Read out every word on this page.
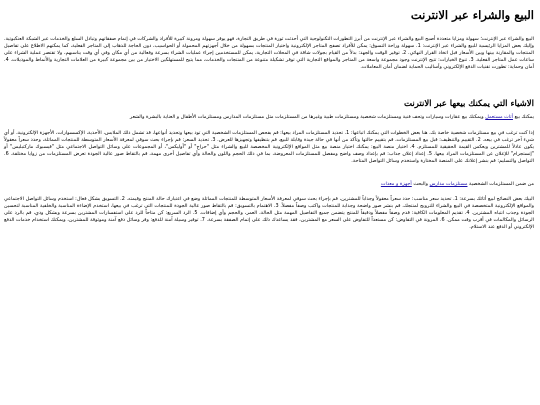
البيع والشراء عبر الانترنت

البيع والشراء عبر الإنترنت؛ سهولة ومزايا متعددة أصبح البيع والشراء عبر الإنترنت من أبرز التطورات التكنولوجية التي أحدثت ثورة في طريق التجارة، فهو يوفر سهولة ومرونة كبيرة للأفراد والشركات في إتمام صفقاتهم وتبادل السلع والخدمات عبر الشبكة العنكبوتية. وإليك بعض المزايا الرئيسية للبيع والشراء عبر الإنترنت: 1. سهولة وراحة التسوق: يمكن للأفراد تصفح المتاجر الإلكترونية واختيار المنتجات بسهولة من خلال أجهزتهم المحمولة أو الحواسيب، دون الحاجة للذهاب إلى المتاجر الفعلية، كما يمكنهم الاطلاع على تفاصيل المنتجات والمقارنة بينها وبين الأسعار قبل اتخاذ القرار النهائي. 2. توفير الوقت والجهد: بدلاً من القيام بجولات شاقة في المحلات التجارية، يمكن للمستخدمين إجراء عمليات الشراء بسرعة وفعالية من أي مكان وفي أي وقت يناسبهم، ولا تقتصر عملية الشراء على ساعات عمل المتاجر الفعلية. 3. تنوع الخيارات: تتيح الإنترنت وجود مجموعة واسعة من المتاجر والمواقع التجارية التي توفر تشكيلة متنوعة من المنتجات والخدمات، مما يتيح للمستهلكين الاختيار من بين مجموعة كبيرة من العلامات التجارية والأنماط والموديلات. 4. أمان وحماية: تطورت تقنيات الدفع الإلكتروني وأساليب الحماية لضمان أمان المعاملات.

الاشياء التي يمكنك بيعها عبر الانترنت

يمكنك بيع أثاث مستعمل ويمكنك بيع عقارات وسيارات وتحف فنية ومستلزمات شخصية ومستلزمات طبية وغيرها من المستلزمات مثل مستلزمات المدارس ومستلزمات الأطفال و العناية بالبشرة والشعر

إذا كنت ترغب في بيع مستلزمات شخصية خاصة بك، هنا بعض الخطوات التي يمكنك اتباعها: 1. تحديد المستلزمات المراد بيعها: قم بفحص المستلزمات الشخصية التي تود بيعها وتحديد أنواعها، قد تشمل ذلك الملابس، الأحذية، الإكسسوارات، الأجهزة الإلكترونية، أو أي شيء آخر ترغب في بيعه. 2. التقييم والتنظيف: قبل بيع المستلزمات، قم بتقييم حالتها وتأكد من أنها في حالة جيدة وقابلة للبيع، قم بتنظيفها وتجهيزها للعرض. 3. تحديد السعر: قم بإجراء بحث سوقي لمعرفة الأسعار المتوسطة للمنتجات المماثلة، وحدد سعراً معقولاً يكون عادلاً للمشترين ويعكس القيمة الحقيقية للمستلزم. 4. اختيار منصة البيع: يمكنك اختيار منصة بيع مثل المواقع الإلكترونية المخصصة للبيع والشراء مثل "حراج" أو "أوليكس"، أو المجموعات على وسائل التواصل الاجتماعي مثل "فيسبوك ماركتبليس" أو "إنستجرام" للإعلان عن المستلزمات المراد بيعها. 5. إعداد إعلان جذاب: قم بإعداد وصف واضح ومفصل للمستلزمات المعروضة، بما في ذلك الحجم واللون والحالة وأي تفاصيل أخرى مهمة، قم بالتقاط صور عالية الجودة تعرض المستلزمات من زوايا مختلفة. 6. التواصل والتسليم: قم بنشر إعلانك على المنصة المختارة واستخدم وسائل التواصل المتاحة.

من ضمن المستلزمات الشخصية مستلزمات مدارس والبحث أجهزة و معدات

البيك بعض النصائح لبيع أثاثك بسرعة: 1. تحديد سعر مناسب: حدد سعراً معقولاً وجذاباً للمشترين، قم بإجراء بحث سوقي لمعرفة الأسعار المتوسطة للمنتجات المماثلة وضع في اعتبارك حالة المنتج وقيمته. 2. التسويق بشكل فعال: استخدم وسائل التواصل الاجتماعي والمواقع الإلكترونية المتخصصة في البيع والشراء للترويج لمنتجك، قم بنشر صور واضحة وجذابة للمنتجات واكتب وصفاً مفصلاً. 3. الاهتمام بالتسويق: قم بالتقاط صور عالية الجودة للمنتجات التي ترغب في بيعها، استخدم الإضاءة المناسبة والخلفية المناسبة لتحسين الجودة وجذب انتباه المشترين. 4. تقديم المعلومات الكافية: قدم وصفاً مفصلاً ودقيقاً للمنتج يتضمن جميع التفاصيل المهمة مثل الحالة، العمر، والحجم وأي إضافات. 5. الرد السريع: كن متاحاً للرد على استفسارات المشترين بسرعة وبشكل ودي، قم بالرد على الرسائل والمكالمات في أقرب وقت ممكن. 6. المرونة في التفاوض: كن مستعداً للتفاوض على السعر مع المشترين، فقد يساعدك ذلك على إتمام الصفقة بسرعة. 7. توفير وسيلة آمنة للدفع: وفر وسائل دفع آمنة وموثوقة للمشترين، ويمكنك استخدام خدمات الدفع الإلكتروني أو الدفع عند الاستلام.
